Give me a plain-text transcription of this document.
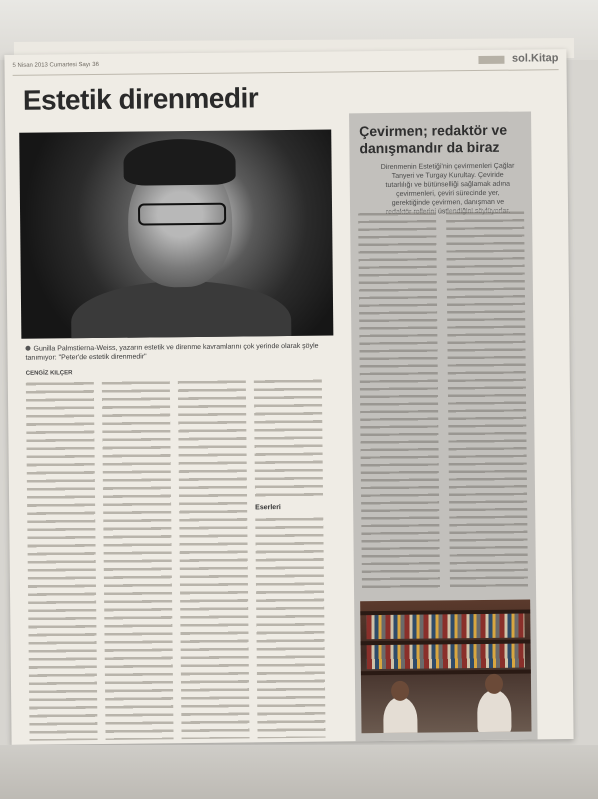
5 Nisan 2013 Cumartesi Sayı 36
sol.Kitap
Estetik direnmedir
Gunilla Palmstierna-Weiss, yazarın estetik ve direnme kavramlarını çok yerinde olarak şöyle tanımıyor: "Peter'de estetik direnmedir"
CENGİZ KILÇER
Eserleri
Çevirmen; redaktör ve danışmandır da biraz
Direnmenin Estetiği'nin çevirmenleri Çağlar Tanyeri ve Turgay Kurultay. Çeviride tutarlılığı ve bütünselliği sağlamak adına çevirmenleri, çeviri sürecinde yer, gerektiğinde çevirmen, danışman ve
